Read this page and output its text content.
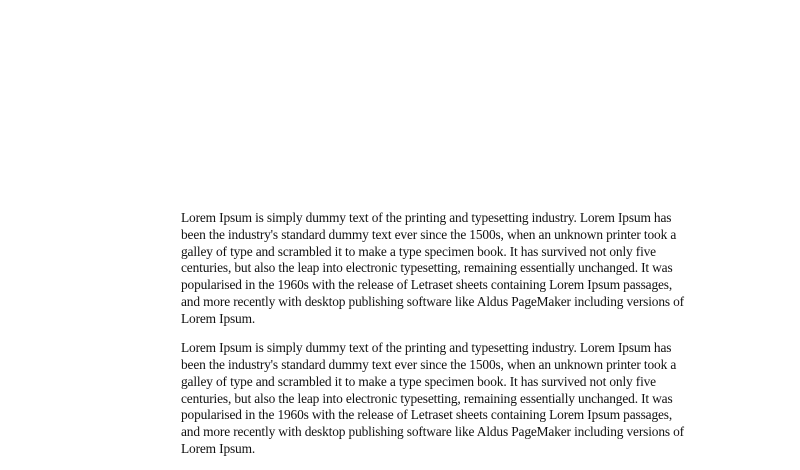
Lorem Ipsum is simply dummy text of the printing and typesetting industry. Lorem Ipsum has
been the industry's standard dummy text ever since the 1500s, when an unknown printer took a
galley of type and scrambled it to make a type specimen book. It has survived not only five
centuries, but also the leap into electronic typesetting, remaining essentially unchanged. It was
popularised in the 1960s with the release of Letraset sheets containing Lorem Ipsum passages,
and more recently with desktop publishing software like Aldus PageMaker including versions of
Lorem Ipsum.

Lorem Ipsum is simply dummy text of the printing and typesetting industry. Lorem Ipsum has
been the industry's standard dummy text ever since the 1500s, when an unknown printer took a
galley of type and scrambled it to make a type specimen book. It has survived not only five
centuries, but also the leap into electronic typesetting, remaining essentially unchanged. It was
popularised in the 1960s with the release of Letraset sheets containing Lorem Ipsum passages,
and more recently with desktop publishing software like Aldus PageMaker including versions of
Lorem Ipsum.
